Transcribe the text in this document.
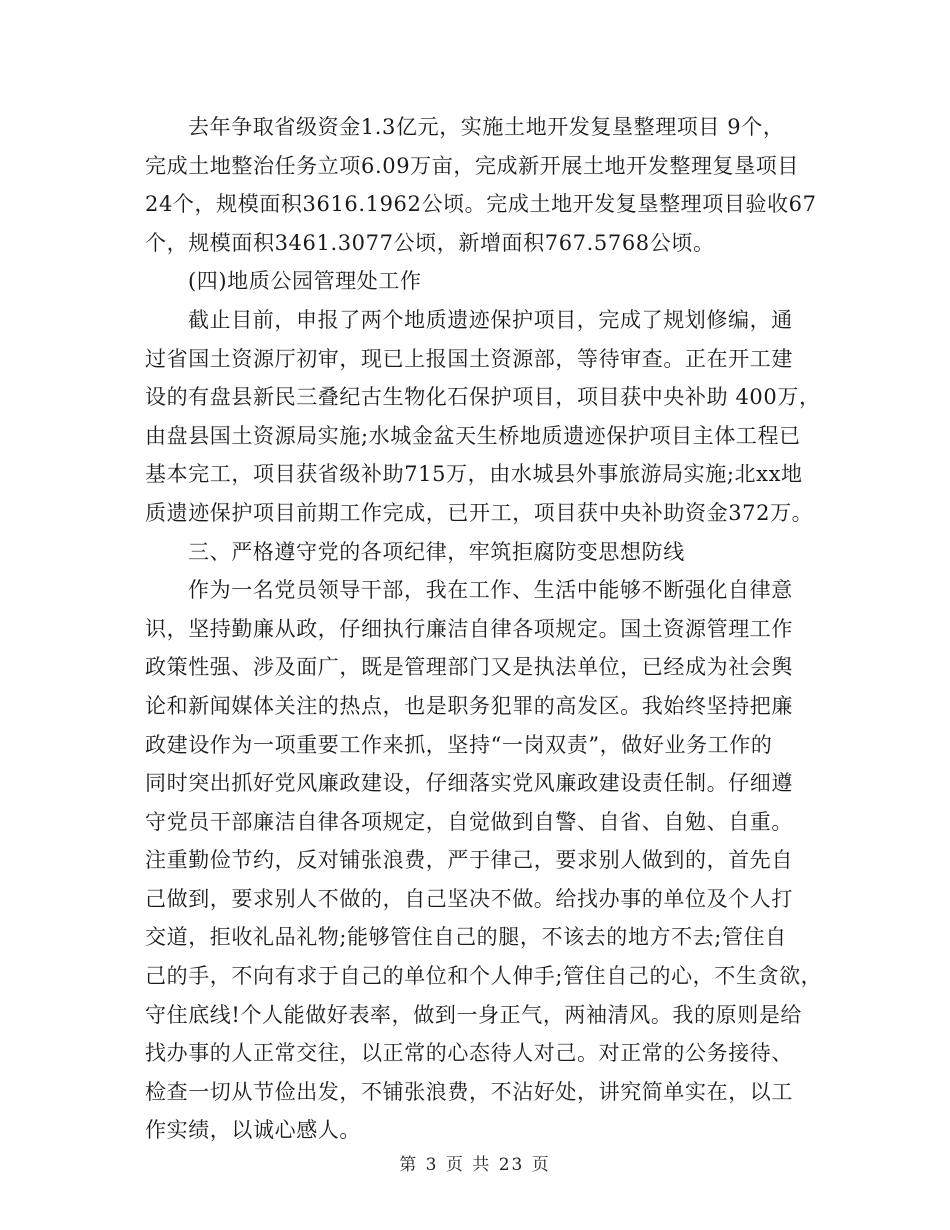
去年争取省级资金1.3亿元，实施土地开发复垦整理项目 9个，
完成土地整治任务立项6.09万亩，完成新开展土地开发整理复垦项目
24个，规模面积3616.1962公顷。完成土地开发复垦整理项目验收67
个，规模面积3461.3077公顷，新增面积767.5768公顷。
(四)地质公园管理处工作
截止目前，申报了两个地质遗迹保护项目，完成了规划修编，通
过省国土资源厅初审，现已上报国土资源部，等待审查。正在开工建
设的有盘县新民三叠纪古生物化石保护项目，项目获中央补助 400万，
由盘县国土资源局实施;水城金盆天生桥地质遗迹保护项目主体工程已
基本完工，项目获省级补助715万，由水城县外事旅游局实施;北xx地
质遗迹保护项目前期工作完成，已开工，项目获中央补助资金372万。
三、严格遵守党的各项纪律，牢筑拒腐防变思想防线
作为一名党员领导干部，我在工作、生活中能够不断强化自律意
识，坚持勤廉从政，仔细执行廉洁自律各项规定。国土资源管理工作
政策性强、涉及面广，既是管理部门又是执法单位，已经成为社会舆
论和新闻媒体关注的热点，也是职务犯罪的高发区。我始终坚持把廉
政建设作为一项重要工作来抓，坚持“一岗双责”，做好业务工作的
同时突出抓好党风廉政建设，仔细落实党风廉政建设责任制。仔细遵
守党员干部廉洁自律各项规定，自觉做到自警、自省、自勉、自重。
注重勤俭节约，反对铺张浪费，严于律己，要求别人做到的，首先自
己做到，要求别人不做的，自己坚决不做。给找办事的单位及个人打
交道，拒收礼品礼物;能够管住自己的腿，不该去的地方不去;管住自
己的手，不向有求于自己的单位和个人伸手;管住自己的心，不生贪欲，
守住底线!个人能做好表率，做到一身正气，两袖清风。我的原则是给
找办事的人正常交往，以正常的心态待人对己。对正常的公务接待、
检查一切从节俭出发，不铺张浪费，不沾好处，讲究简单实在，以工
作实绩，以诚心感人。
第 3 页 共 23 页
